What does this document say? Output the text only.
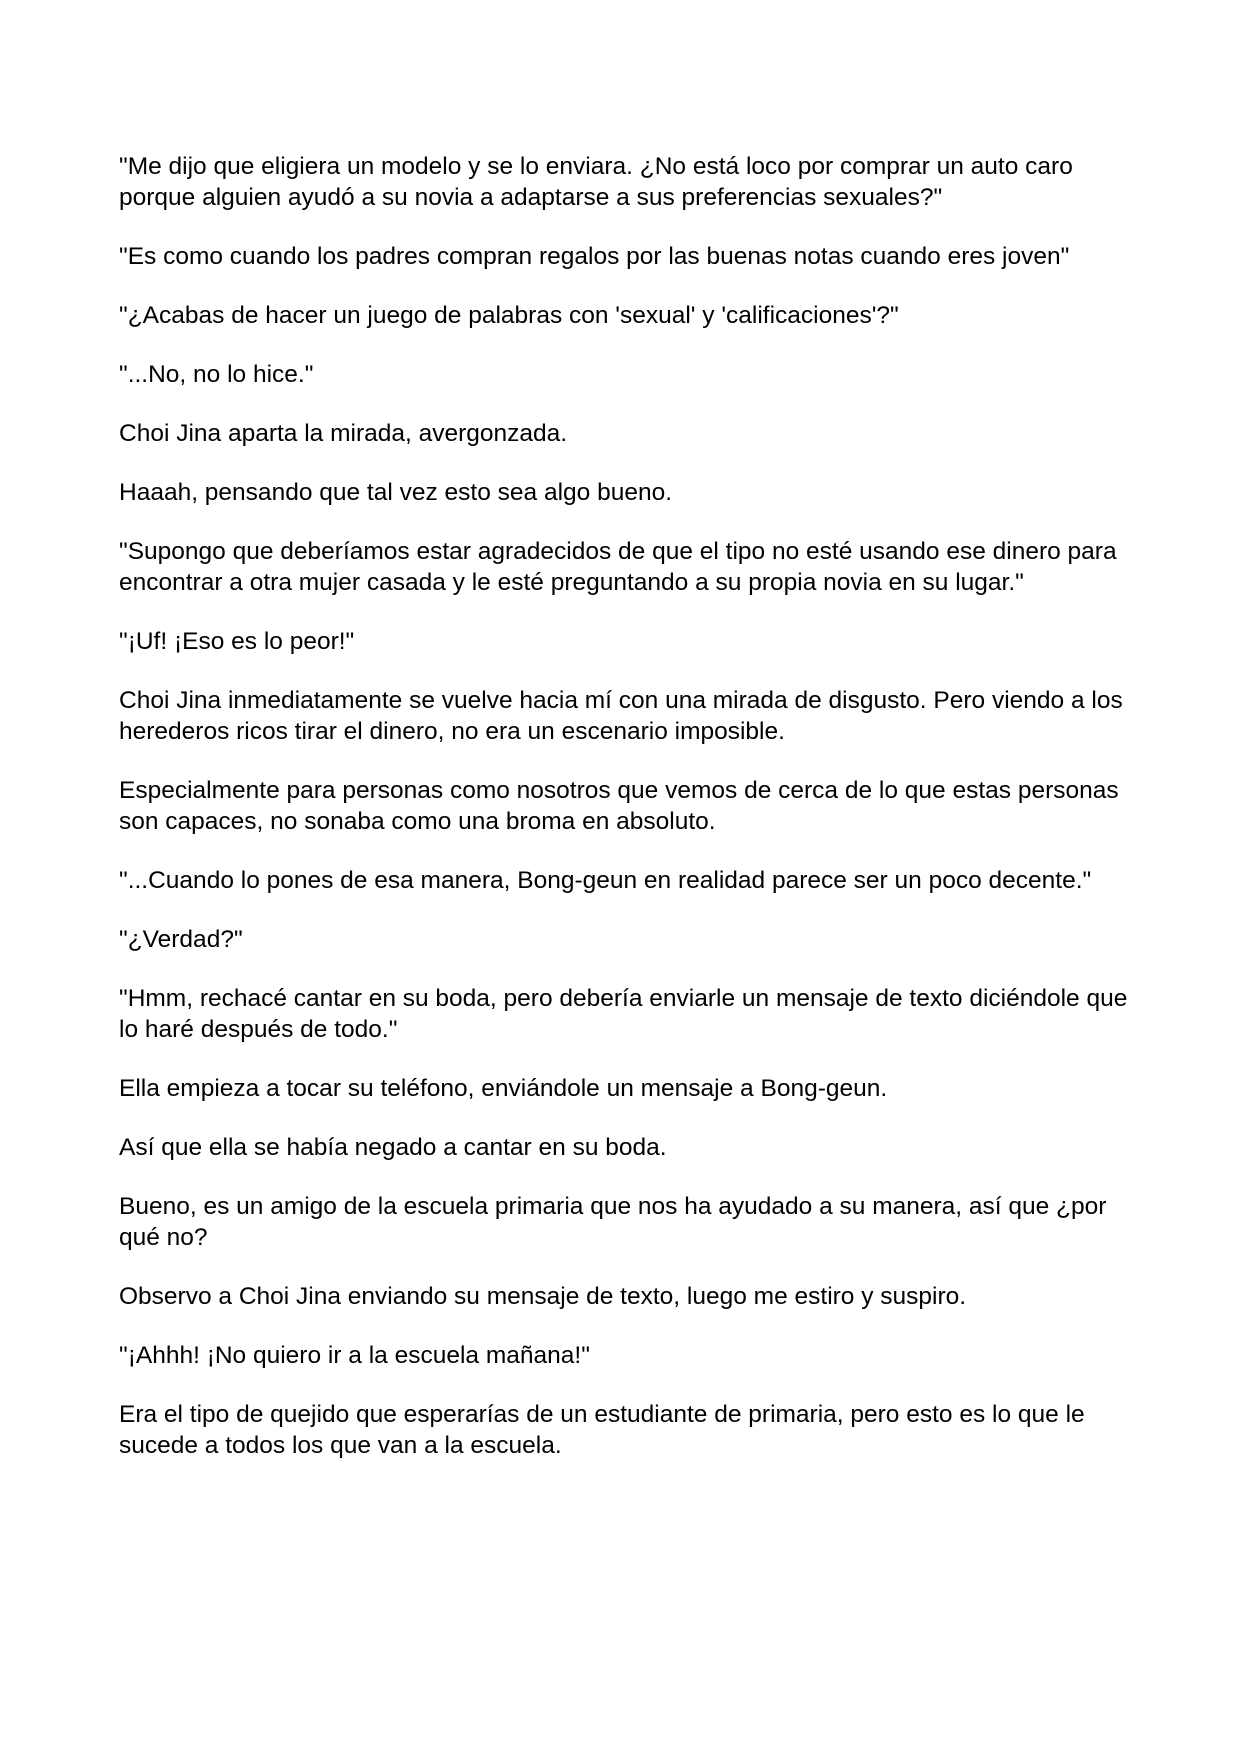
"Me dijo que eligiera un modelo y se lo enviara. ¿No está loco por comprar un auto caro porque alguien ayudó a su novia a adaptarse a sus preferencias sexuales?"

"Es como cuando los padres compran regalos por las buenas notas cuando eres joven"

"¿Acabas de hacer un juego de palabras con 'sexual' y 'calificaciones'?"

"...No, no lo hice."

Choi Jina aparta la mirada, avergonzada.

Haaah, pensando que tal vez esto sea algo bueno.

"Supongo que deberíamos estar agradecidos de que el tipo no esté usando ese dinero para encontrar a otra mujer casada y le esté preguntando a su propia novia en su lugar."

"¡Uf! ¡Eso es lo peor!"

Choi Jina inmediatamente se vuelve hacia mí con una mirada de disgusto. Pero viendo a los herederos ricos tirar el dinero, no era un escenario imposible.

Especialmente para personas como nosotros que vemos de cerca de lo que estas personas son capaces, no sonaba como una broma en absoluto.

"...Cuando lo pones de esa manera, Bong-geun en realidad parece ser un poco decente."

"¿Verdad?"

"Hmm, rechacé cantar en su boda, pero debería enviarle un mensaje de texto diciéndole que lo haré después de todo."

Ella empieza a tocar su teléfono, enviándole un mensaje a Bong-geun.

Así que ella se había negado a cantar en su boda.

Bueno, es un amigo de la escuela primaria que nos ha ayudado a su manera, así que ¿por qué no?

Observo a Choi Jina enviando su mensaje de texto, luego me estiro y suspiro.

"¡Ahhh! ¡No quiero ir a la escuela mañana!"

Era el tipo de quejido que esperarías de un estudiante de primaria, pero esto es lo que le sucede a todos los que van a la escuela.
